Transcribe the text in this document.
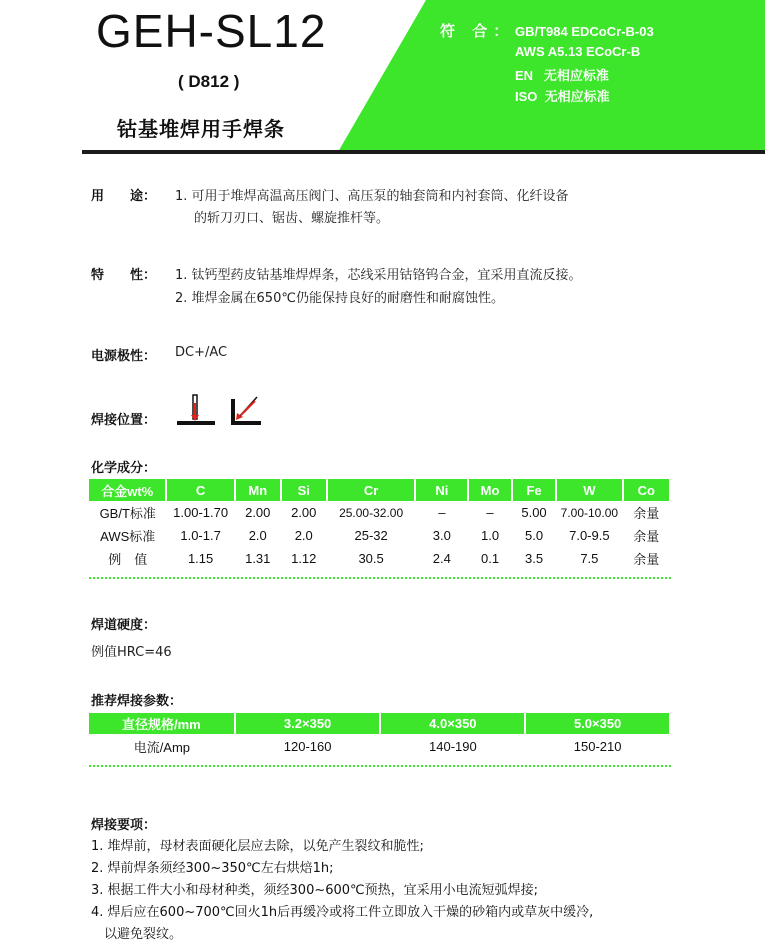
GEH-SL12
( D812 )
钴基堆焊用手焊条
符 合： GB/T984 EDCoCr-B-03
AWS A5.13 ECoCr-B
EN   无相应标准
ISO  无相应标准
用　　途： 1. 可用于堆焊高温高压阀门、高压泵的轴套筒和内衬套筒、化纤设备
的斩刀刃口、锯齿、螺旋推杆等。
特　　性： 1. 钛钙型药皮钴基堆焊焊条，芯线采用钴铬钨合金，宜采用直流反接。
2. 堆焊金属在650℃仍能保持良好的耐磨性和耐腐蚀性。
电源极性： DC+/AC
焊接位置：
化学成分：
合金wt%	C	Mn	Si	Cr	Ni	Mo	Fe	W	Co
GB/T标准	1.00-1.70	2.00	2.00	25.00-32.00	–	–	5.00	7.00-10.00	余量
AWS标准	1.0-1.7	2.0	2.0	25-32	3.0	1.0	5.0	7.0-9.5	余量
例　值	1.15	1.31	1.12	30.5	2.4	0.1	3.5	7.5	余量
焊道硬度：
例值HRC=46
推荐焊接参数：
直径规格/mm	3.2×350	4.0×350	5.0×350
电流/Amp	120-160	140-190	150-210
焊接要项：
1. 堆焊前，母材表面硬化层应去除，以免产生裂纹和脆性;
2. 焊前焊条须经300~350℃左右烘焙1h;
3. 根据工件大小和母材种类，须经300~600℃预热，宜采用小电流短弧焊接;
4. 焊后应在600~700℃回火1h后再缓冷或将工件立即放入干燥的砂箱内或草灰中缓冷,
　以避免裂纹。
